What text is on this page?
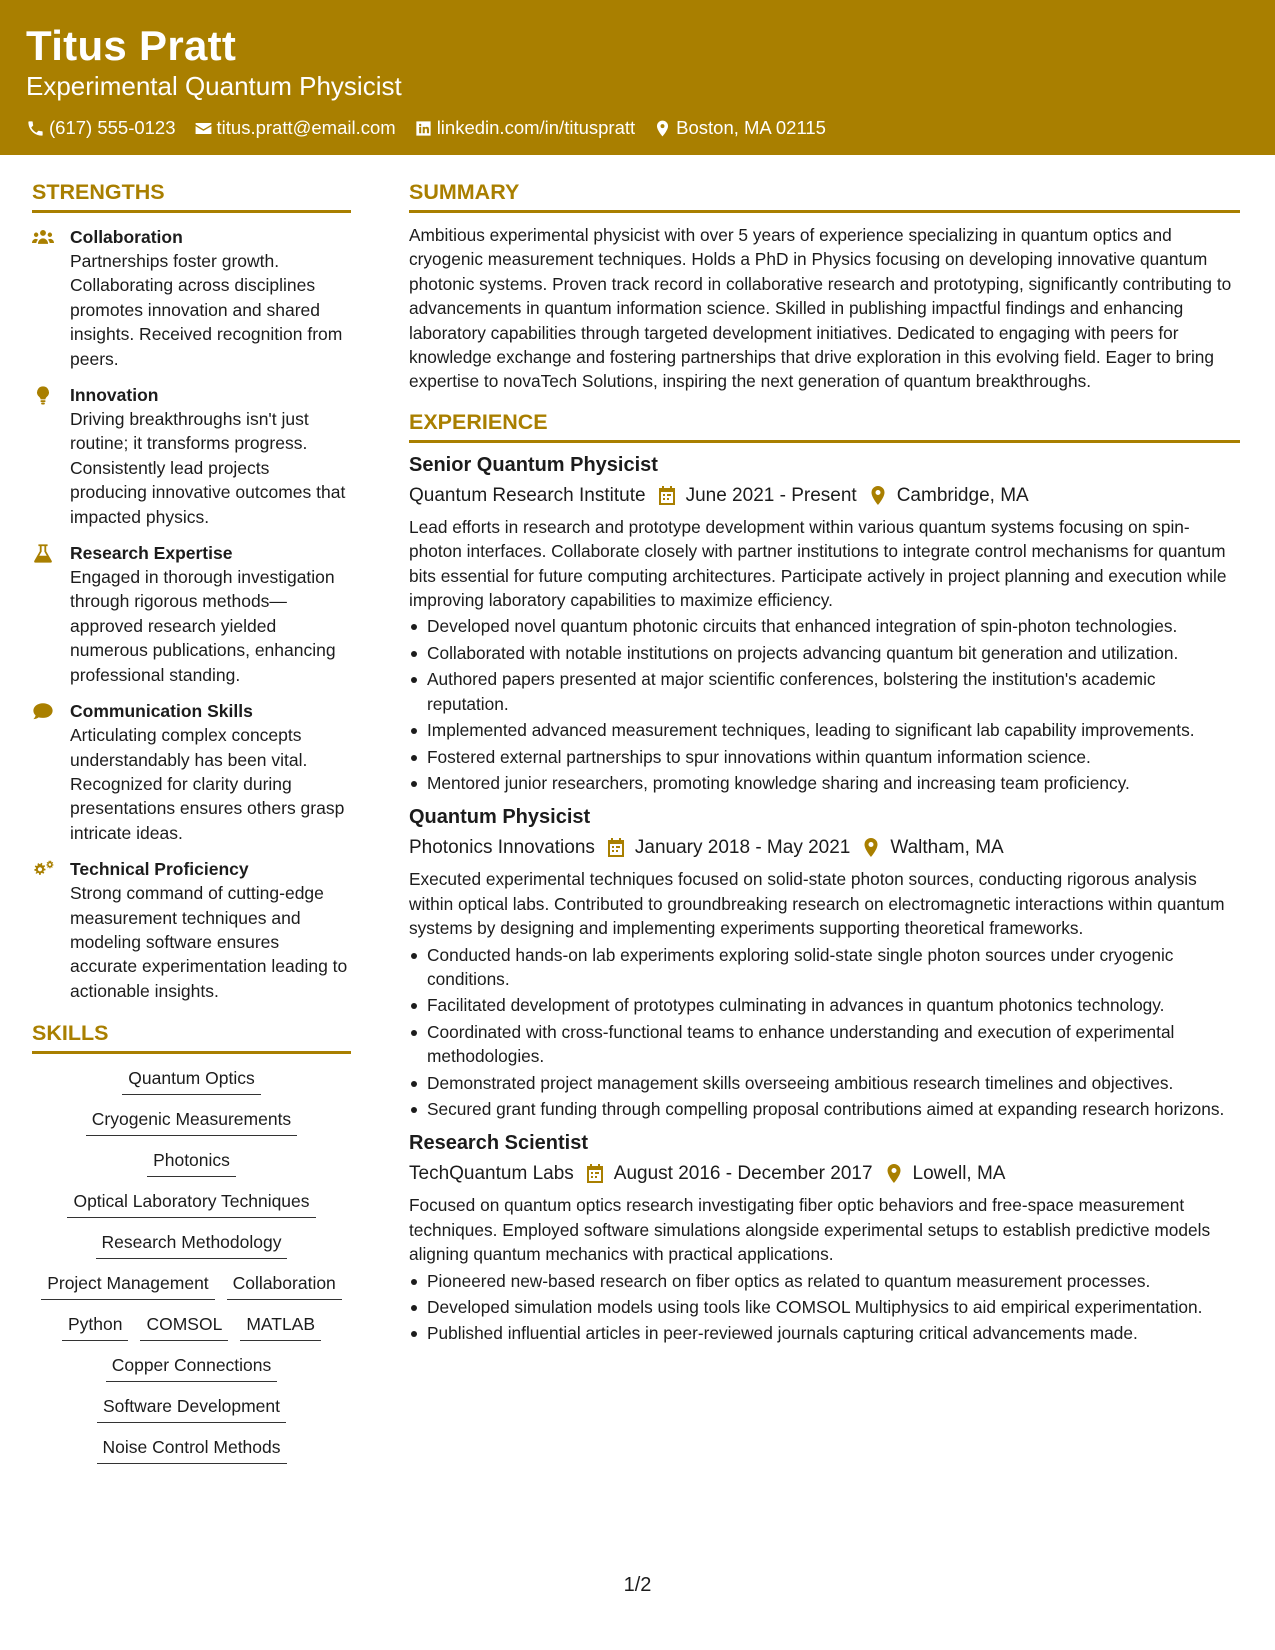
Titus Pratt
Experimental Quantum Physicist
(617) 555-0123 titus.pratt@email.com linkedin.com/in/tituspratt Boston, MA 02115
STRENGTHS
Collaboration
Partnerships foster growth. Collaborating across disciplines promotes innovation and shared insights. Received recognition from peers.
Innovation
Driving breakthroughs isn't just routine; it transforms progress. Consistently lead projects producing innovative outcomes that impacted physics.
Research Expertise
Engaged in thorough investigation through rigorous methods—approved research yielded numerous publications, enhancing professional standing.
Communication Skills
Articulating complex concepts understandably has been vital. Recognized for clarity during presentations ensures others grasp intricate ideas.
Technical Proficiency
Strong command of cutting-edge measurement techniques and modeling software ensures accurate experimentation leading to actionable insights.
SKILLS
Quantum Optics
Cryogenic Measurements
Photonics
Optical Laboratory Techniques
Research Methodology
Project Management	Collaboration
Python	COMSOL	MATLAB
Copper Connections
Software Development
Noise Control Methods
SUMMARY
Ambitious experimental physicist with over 5 years of experience specializing in quantum optics and cryogenic measurement techniques. Holds a PhD in Physics focusing on developing innovative quantum photonic systems. Proven track record in collaborative research and prototyping, significantly contributing to advancements in quantum information science. Skilled in publishing impactful findings and enhancing laboratory capabilities through targeted development initiatives. Dedicated to engaging with peers for knowledge exchange and fostering partnerships that drive exploration in this evolving field. Eager to bring expertise to novaTech Solutions, inspiring the next generation of quantum breakthroughs.
EXPERIENCE
Senior Quantum Physicist
Quantum Research Institute June 2021 - Present Cambridge, MA
Lead efforts in research and prototype development within various quantum systems focusing on spin-photon interfaces. Collaborate closely with partner institutions to integrate control mechanisms for quantum bits essential for future computing architectures. Participate actively in project planning and execution while improving laboratory capabilities to maximize efficiency.
Developed novel quantum photonic circuits that enhanced integration of spin-photon technologies.
Collaborated with notable institutions on projects advancing quantum bit generation and utilization.
Authored papers presented at major scientific conferences, bolstering the institution's academic reputation.
Implemented advanced measurement techniques, leading to significant lab capability improvements.
Fostered external partnerships to spur innovations within quantum information science.
Mentored junior researchers, promoting knowledge sharing and increasing team proficiency.
Quantum Physicist
Photonics Innovations January 2018 - May 2021 Waltham, MA
Executed experimental techniques focused on solid-state photon sources, conducting rigorous analysis within optical labs. Contributed to groundbreaking research on electromagnetic interactions within quantum systems by designing and implementing experiments supporting theoretical frameworks.
Conducted hands-on lab experiments exploring solid-state single photon sources under cryogenic conditions.
Facilitated development of prototypes culminating in advances in quantum photonics technology.
Coordinated with cross-functional teams to enhance understanding and execution of experimental methodologies.
Demonstrated project management skills overseeing ambitious research timelines and objectives.
Secured grant funding through compelling proposal contributions aimed at expanding research horizons.
Research Scientist
TechQuantum Labs August 2016 - December 2017 Lowell, MA
Focused on quantum optics research investigating fiber optic behaviors and free-space measurement techniques. Employed software simulations alongside experimental setups to establish predictive models aligning quantum mechanics with practical applications.
Pioneered new-based research on fiber optics as related to quantum measurement processes.
Developed simulation models using tools like COMSOL Multiphysics to aid empirical experimentation.
Published influential articles in peer-reviewed journals capturing critical advancements made.
1/2
